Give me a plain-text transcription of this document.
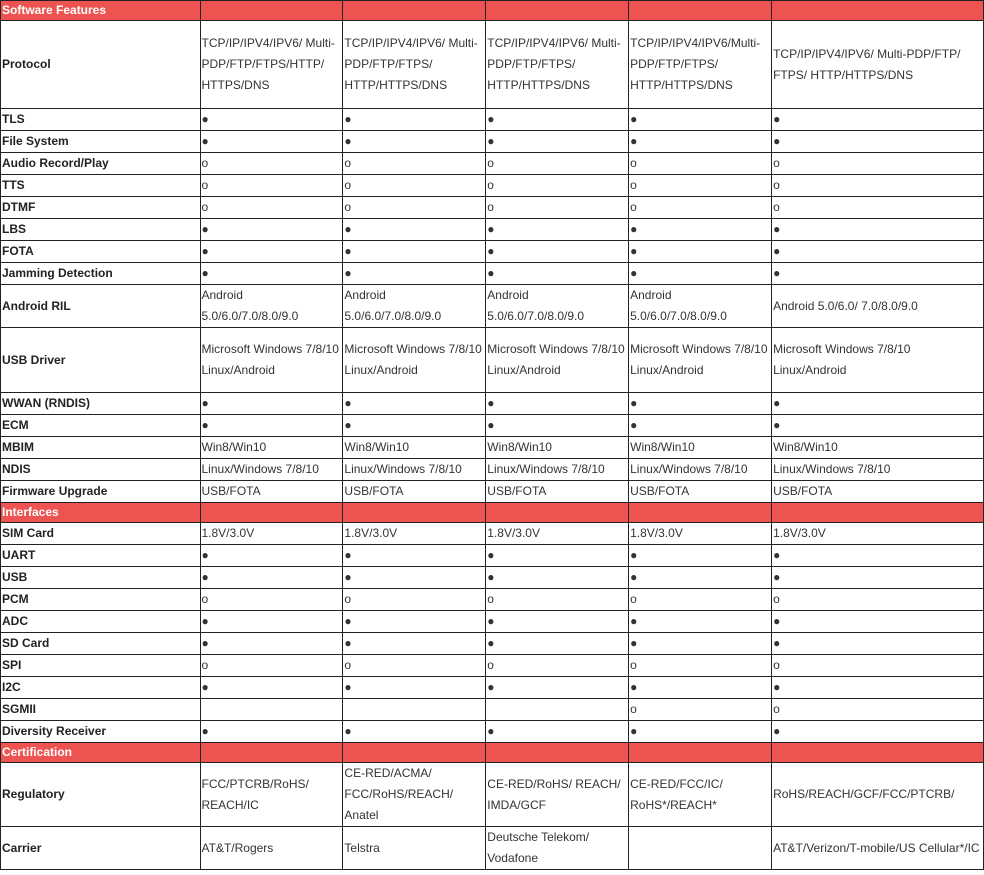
Software Features					
Protocol	TCP/IP/IPV4/IPV6/ Multi- PDP/FTP/FTPS/HTTP/ HTTPS/DNS	TCP/IP/IPV4/IPV6/ Multi-PDP/FTP/FTPS/ HTTP/HTTPS/DNS	TCP/IP/IPV4/IPV6/ Multi-PDP/FTP/FTPS/ HTTP/HTTPS/DNS	TCP/IP/IPV4/IPV6/Multi- PDP/FTP/FTPS/ HTTP/HTTPS/DNS	TCP/IP/IPV4/IPV6/ Multi-PDP/FTP/ FTPS/ HTTP/HTTPS/DNS
TLS	●	●	●	●	●
File System	●	●	●	●	●
Audio Record/Play	o	o	o	o	o
TTS	o	o	o	o	o
DTMF	o	o	o	o	o
LBS	●	●	●	●	●
FOTA	●	●	●	●	●
Jamming Detection	●	●	●	●	●
Android RIL	Android 5.0/6.0/7.0/8.0/9.0	Android 5.0/6.0/7.0/8.0/9.0	Android 5.0/6.0/7.0/8.0/9.0	Android 5.0/6.0/7.0/8.0/9.0	Android 5.0/6.0/ 7.0/8.0/9.0
USB Driver	Microsoft Windows 7/8/10 Linux/Android	Microsoft Windows 7/8/10 Linux/Android	Microsoft Windows 7/8/10 Linux/Android	Microsoft Windows 7/8/10 Linux/Android	Microsoft Windows 7/8/10 Linux/Android
WWAN (RNDIS)	●	●	●	●	●
ECM	●	●	●	●	●
MBIM	Win8/Win10	Win8/Win10	Win8/Win10	Win8/Win10	Win8/Win10
NDIS	Linux/Windows 7/8/10	Linux/Windows 7/8/10	Linux/Windows 7/8/10	Linux/Windows 7/8/10	Linux/Windows 7/8/10
Firmware Upgrade	USB/FOTA	USB/FOTA	USB/FOTA	USB/FOTA	USB/FOTA
Interfaces					
SIM Card	1.8V/3.0V	1.8V/3.0V	1.8V/3.0V	1.8V/3.0V	1.8V/3.0V
UART	●	●	●	●	●
USB	●	●	●	●	●
PCM	o	o	o	o	o
ADC	●	●	●	●	●
SD Card	●	●	●	●	●
SPI	o	o	o	o	o
I2C	●	●	●	●	●
SGMII				o	o
Diversity Receiver	●	●	●	●	●
Certification					
Regulatory	FCC/PTCRB/RoHS/ REACH/IC	CE-RED/ACMA/ FCC/RoHS/REACH/ Anatel	CE-RED/RoHS/ REACH/ IMDA/GCF	CE-RED/FCC/IC/ RoHS*/REACH*	RoHS/REACH/GCF/FCC/PTCRB/
Carrier	AT&T/Rogers	Telstra	Deutsche Telekom/ Vodafone		AT&T/Verizon/T-mobile/US Cellular*/IC
